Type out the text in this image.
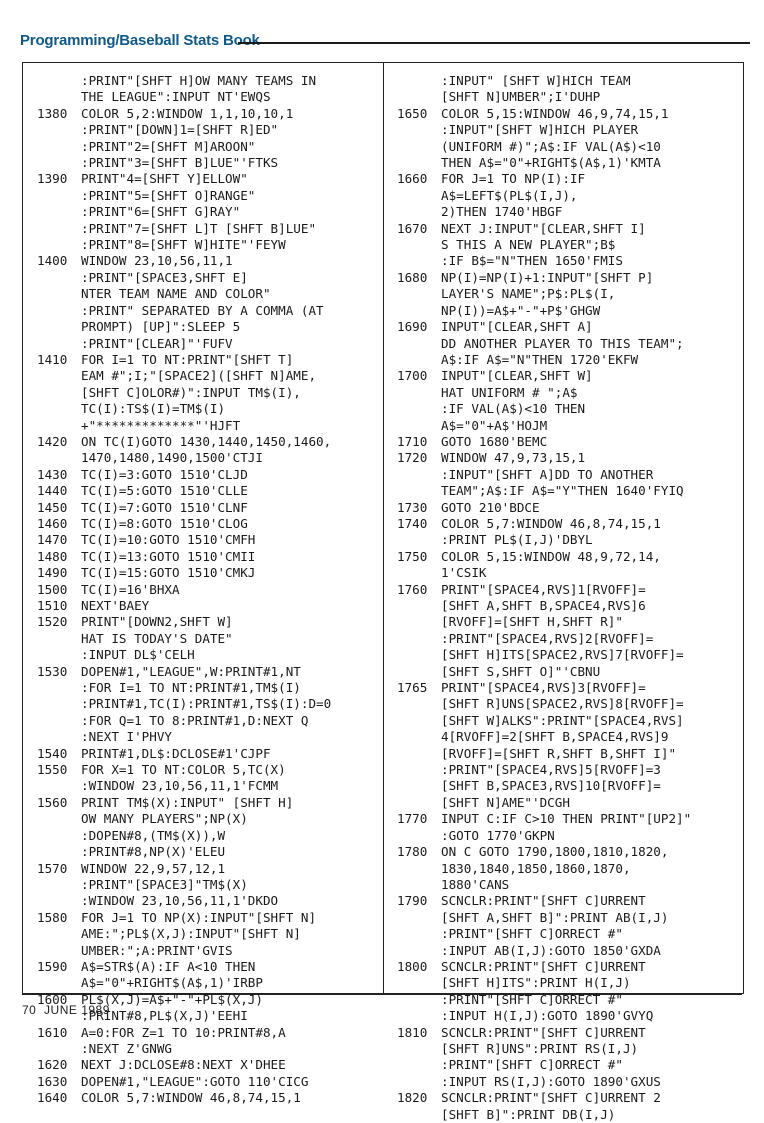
Programming/Baseball Stats Book
:PRINT"[SHFT H]OW MANY TEAMS IN
THE LEAGUE":INPUT NT'EWQS
1380	COLOR 5,2:WINDOW 1,1,10,10,1
:PRINT"[DOWN]1=[SHFT R]ED"
:PRINT"2=[SHFT M]AROON"
:PRINT"3=[SHFT B]LUE"'FTKS
1390	PRINT"4=[SHFT Y]ELLOW"
:PRINT"5=[SHFT O]RANGE"
:PRINT"6=[SHFT G]RAY"
:PRINT"7=[SHFT L]T [SHFT B]LUE"
:PRINT"8=[SHFT W]HITE"'FEYW
1400	WINDOW 23,10,56,11,1
:PRINT"[SPACE3,SHFT E]
NTER TEAM NAME AND COLOR"
:PRINT" SEPARATED BY A COMMA (AT
PROMPT) [UP]":SLEEP 5
:PRINT"[CLEAR]"'FUFV
1410	FOR I=1 TO NT:PRINT"[SHFT T]
EAM #";I;"[SPACE2]([SHFT N]AME,
[SHFT C]OLOR#)":INPUT TM$(I),
TC(I):TS$(I)=TM$(I)
+"*************"'HJFT
1420	ON TC(I)GOTO 1430,1440,1450,1460,
1470,1480,1490,1500'CTJI
1430	TC(I)=3:GOTO 1510'CLJD
1440	TC(I)=5:GOTO 1510'CLLE
1450	TC(I)=7:GOTO 1510'CLNF
1460	TC(I)=8:GOTO 1510'CLOG
1470	TC(I)=10:GOTO 1510'CMFH
1480	TC(I)=13:GOTO 1510'CMII
1490	TC(I)=15:GOTO 1510'CMKJ
1500	TC(I)=16'BHXA
1510	NEXT'BAEY
1520	PRINT"[DOWN2,SHFT W]
HAT IS TODAY'S DATE"
:INPUT DL$'CELH
1530	DOPEN#1,"LEAGUE",W:PRINT#1,NT
:FOR I=1 TO NT:PRINT#1,TM$(I)
:PRINT#1,TC(I):PRINT#1,TS$(I):D=0
:FOR Q=1 TO 8:PRINT#1,D:NEXT Q
:NEXT I'PHVY
1540	PRINT#1,DL$:DCLOSE#1'CJPF
1550	FOR X=1 TO NT:COLOR 5,TC(X)
:WINDOW 23,10,56,11,1'FCMM
1560	PRINT TM$(X):INPUT" [SHFT H]
OW MANY PLAYERS";NP(X)
:DOPEN#8,(TM$(X)),W
:PRINT#8,NP(X)'ELEU
1570	WINDOW 22,9,57,12,1
:PRINT"[SPACE3]"TM$(X)
:WINDOW 23,10,56,11,1'DKDO
1580	FOR J=1 TO NP(X):INPUT"[SHFT N]
AME:";PL$(X,J):INPUT"[SHFT N]
UMBER:";A:PRINT'GVIS
1590	A$=STR$(A):IF A<10 THEN
A$="0"+RIGHT$(A$,1)'IRBP
1600	PL$(X,J)=A$+"-"+PL$(X,J)
:PRINT#8,PL$(X,J)'EEHI
1610	A=0:FOR Z=1 TO 10:PRINT#8,A
:NEXT Z'GNWG
1620	NEXT J:DCLOSE#8:NEXT X'DHEE
1630	DOPEN#1,"LEAGUE":GOTO 110'CICG
1640	COLOR 5,7:WINDOW 46,8,74,15,1
:INPUT" [SHFT W]HICH TEAM
[SHFT N]UMBER";I'DUHP
1650	COLOR 5,15:WINDOW 46,9,74,15,1
:INPUT"[SHFT W]HICH PLAYER
(UNIFORM #)";A$:IF VAL(A$)<10
THEN A$="0"+RIGHT$(A$,1)'KMTA
1660	FOR J=1 TO NP(I):IF
A$=LEFT$(PL$(I,J),
2)THEN 1740'HBGF
1670	NEXT J:INPUT"[CLEAR,SHFT I]
S THIS A NEW PLAYER";B$
:IF B$="N"THEN 1650'FMIS
1680	NP(I)=NP(I)+1:INPUT"[SHFT P]
LAYER'S NAME";P$:PL$(I,
NP(I))=A$+"-"+P$'GHGW
1690	INPUT"[CLEAR,SHFT A]
DD ANOTHER PLAYER TO THIS TEAM";
A$:IF A$="N"THEN 1720'EKFW
1700	INPUT"[CLEAR,SHFT W]
HAT UNIFORM # ";A$
:IF VAL(A$)<10 THEN
A$="0"+A$'HOJM
1710	GOTO 1680'BEMC
1720	WINDOW 47,9,73,15,1
:INPUT"[SHFT A]DD TO ANOTHER
TEAM";A$:IF A$="Y"THEN 1640'FYIQ
1730	GOTO 210'BDCE
1740	COLOR 5,7:WINDOW 46,8,74,15,1
:PRINT PL$(I,J)'DBYL
1750	COLOR 5,15:WINDOW 48,9,72,14,
1'CSIK
1760	PRINT"[SPACE4,RVS]1[RVOFF]=
[SHFT A,SHFT B,SPACE4,RVS]6
[RVOFF]=[SHFT H,SHFT R]"
:PRINT"[SPACE4,RVS]2[RVOFF]=
[SHFT H]ITS[SPACE2,RVS]7[RVOFF]=
[SHFT S,SHFT O]"'CBNU
1765	PRINT"[SPACE4,RVS]3[RVOFF]=
[SHFT R]UNS[SPACE2,RVS]8[RVOFF]=
[SHFT W]ALKS":PRINT"[SPACE4,RVS]
4[RVOFF]=2[SHFT B,SPACE4,RVS]9
[RVOFF]=[SHFT R,SHFT B,SHFT I]"
:PRINT"[SPACE4,RVS]5[RVOFF]=3
[SHFT B,SPACE3,RVS]10[RVOFF]=
[SHFT N]AME"'DCGH
1770	INPUT C:IF C>10 THEN PRINT"[UP2]"
:GOTO 1770'GKPN
1780	ON C GOTO 1790,1800,1810,1820,
1830,1840,1850,1860,1870,
1880'CANS
1790	SCNCLR:PRINT"[SHFT C]URRENT
[SHFT A,SHFT B]":PRINT AB(I,J)
:PRINT"[SHFT C]ORRECT #"
:INPUT AB(I,J):GOTO 1850'GXDA
1800	SCNCLR:PRINT"[SHFT C]URRENT
[SHFT H]ITS":PRINT H(I,J)
:PRINT"[SHFT C]ORRECT #"
:INPUT H(I,J):GOTO 1890'GVYQ
1810	SCNCLR:PRINT"[SHFT C]URRENT
[SHFT R]UNS":PRINT RS(I,J)
:PRINT"[SHFT C]ORRECT #"
:INPUT RS(I,J):GOTO 1890'GXUS
1820	SCNCLR:PRINT"[SHFT C]URRENT 2
[SHFT B]":PRINT DB(I,J)
70 JUNE 1989
